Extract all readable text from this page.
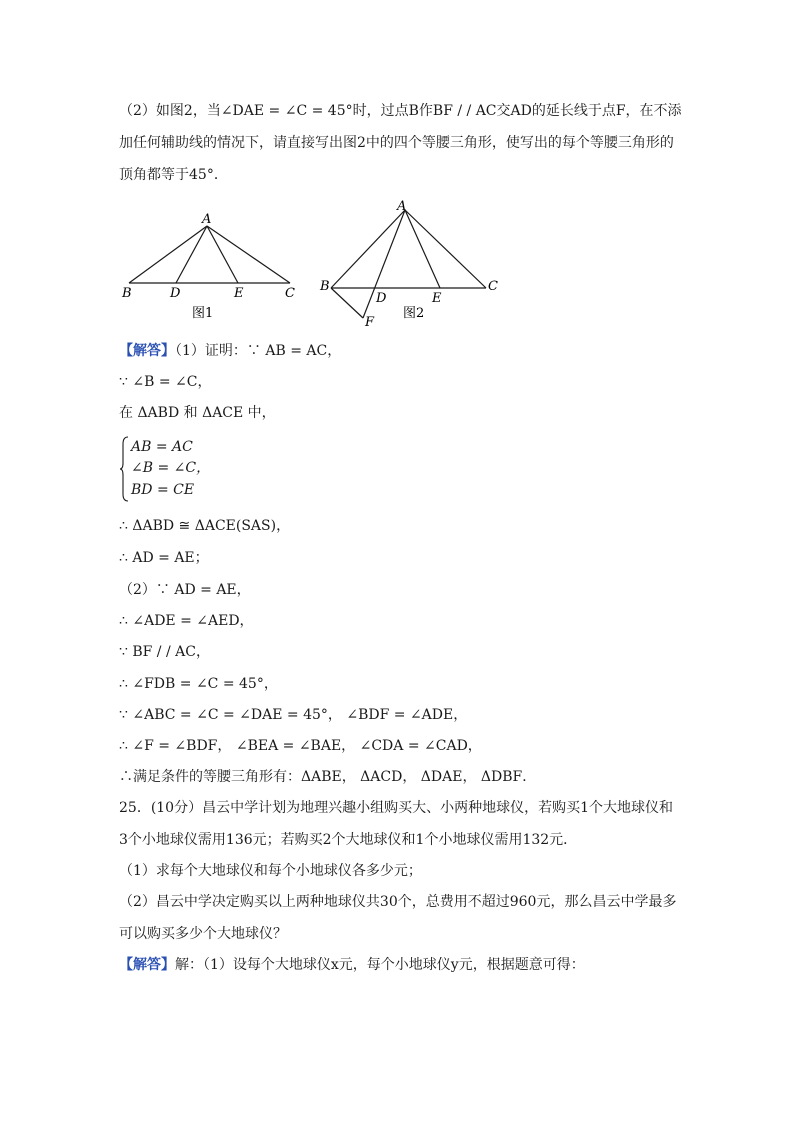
（2）如图2，当∠DAE = ∠C = 45°时，过点B作BF / / AC交AD的延长线于点F，在不添
加任何辅助线的情况下，请直接写出图2中的四个等腰三角形，使写出的每个等腰三角形的
顶角都等于45°．
A
B	D	E	C
图1
A
B
D	E
C
F
图2
【解答】（1）证明：∵ AB = AC，
∵ ∠B = ∠C，
在 ΔABD 和 ΔACE 中，
AB = AC
∠B = ∠C，
BD = CE
∴ ΔABD ≅ ΔACE(SAS)，
∴ AD = AE；
（2）∵ AD = AE，
∴ ∠ADE = ∠AED，
∵ BF / / AC，
∴ ∠FDB = ∠C = 45°，
∵ ∠ABC = ∠C = ∠DAE = 45°， ∠BDF = ∠ADE，
∴ ∠F = ∠BDF， ∠BEA = ∠BAE， ∠CDA = ∠CAD，
∴满足条件的等腰三角形有：ΔABE， ΔACD， ΔDAE， ΔDBF．
25．(10分）昌云中学计划为地理兴趣小组购买大、小两种地球仪，若购买1个大地球仪和
3个小地球仪需用136元；若购买2个大地球仪和1个小地球仪需用132元．
（1）求每个大地球仪和每个小地球仪各多少元；
（2）昌云中学决定购买以上两种地球仪共30个，总费用不超过960元，那么昌云中学最多
可以购买多少个大地球仪？
【解答】解：（1）设每个大地球仪x元，每个小地球仪y元，根据题意可得：
